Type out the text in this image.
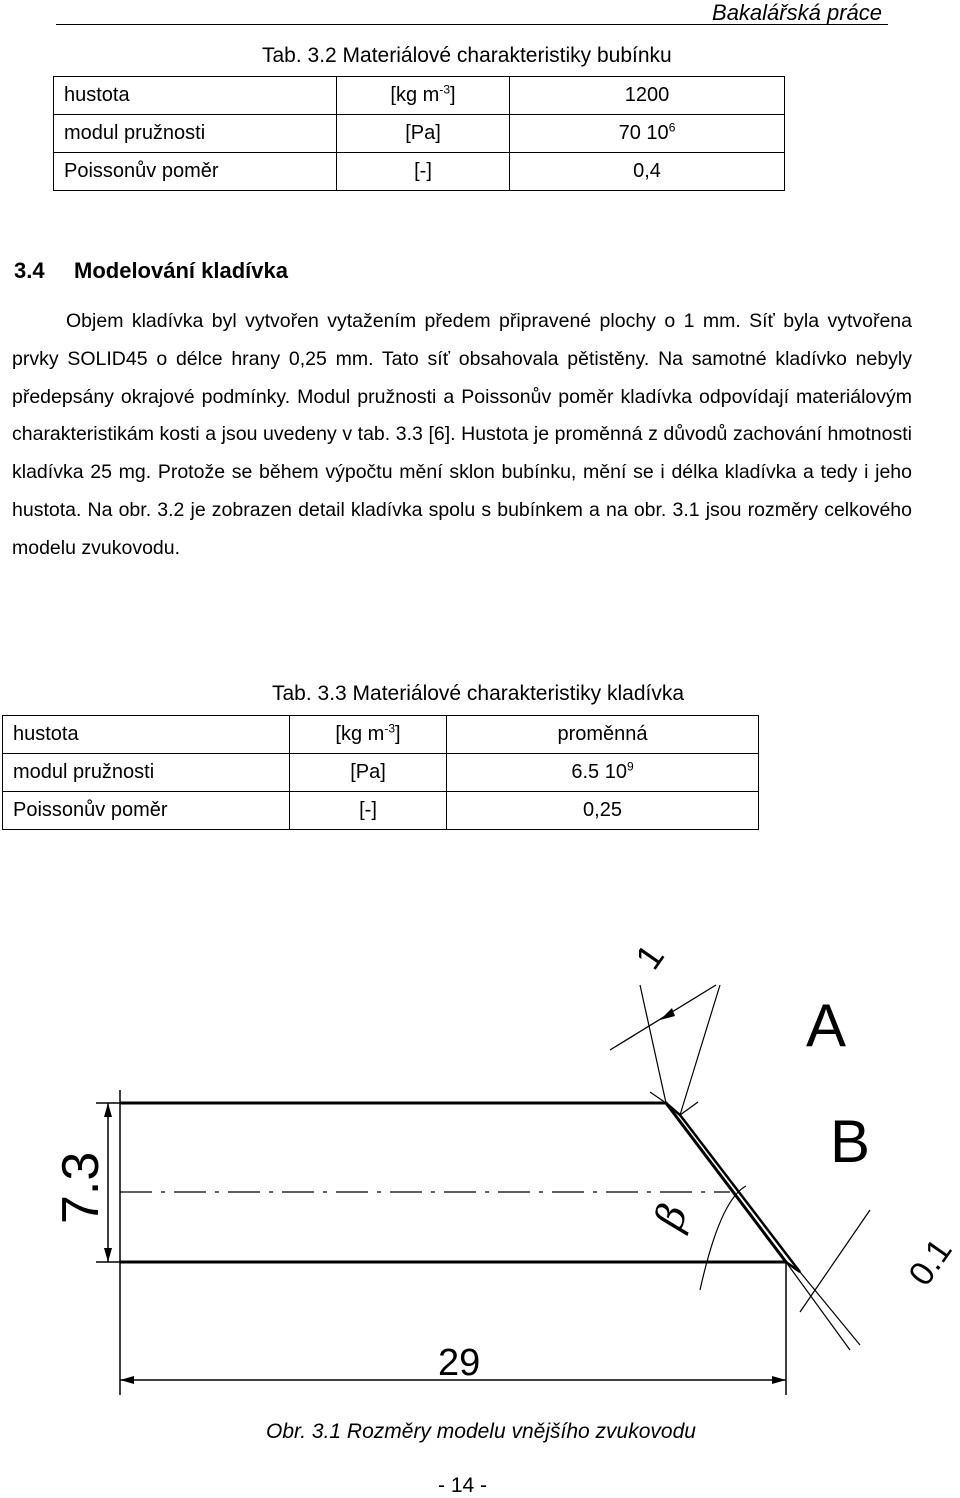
Bakalářská práce
Tab. 3.2 Materiálové charakteristiky bubínku
hustota	[kg $m^{-3}$]	1200
modul pružnosti	[Pa]	70 $10^6$
Poissonův poměr	[-]	0,4
3.4 Modelování kladívka

Objem kladívka byl vytvořen vytažením předem připravené plochy o 1 mm. Síť byla vytvořena prvky SOLID45 o délce hrany 0,25 mm. Tato síť obsahovala pětistěny. Na samotné kladívko nebyly předepsány okrajové podmínky. Modul pružnosti a Poissonův poměr kladívka odpovídají materiálovým charakteristikám kosti a jsou uvedeny v tab. 3.3 [6]. Hustota je proměnná z důvodů zachování hmotnosti kladívka 25 mg. Protože se během výpočtu mění sklon bubínku, mění se i délka kladívka a tedy i jeho hustota. Na obr. 3.2 je zobrazen detail kladívka spolu s bubínkem a na obr. 3.1 jsou rozměry celkového modelu zvukovodu.

Tab. 3.3 Materiálové charakteristiky kladívka
hustota	[kg $m^{-3}$]	proměnná
modul pružnosti	[Pa]	6.5 $10^9$
Poissonův poměr	[-]	0,25
7.3
29
1
0.1
β
A
B
Obr. 3.1 Rozměry modelu vnějšího zvukovodu
- 14 -
